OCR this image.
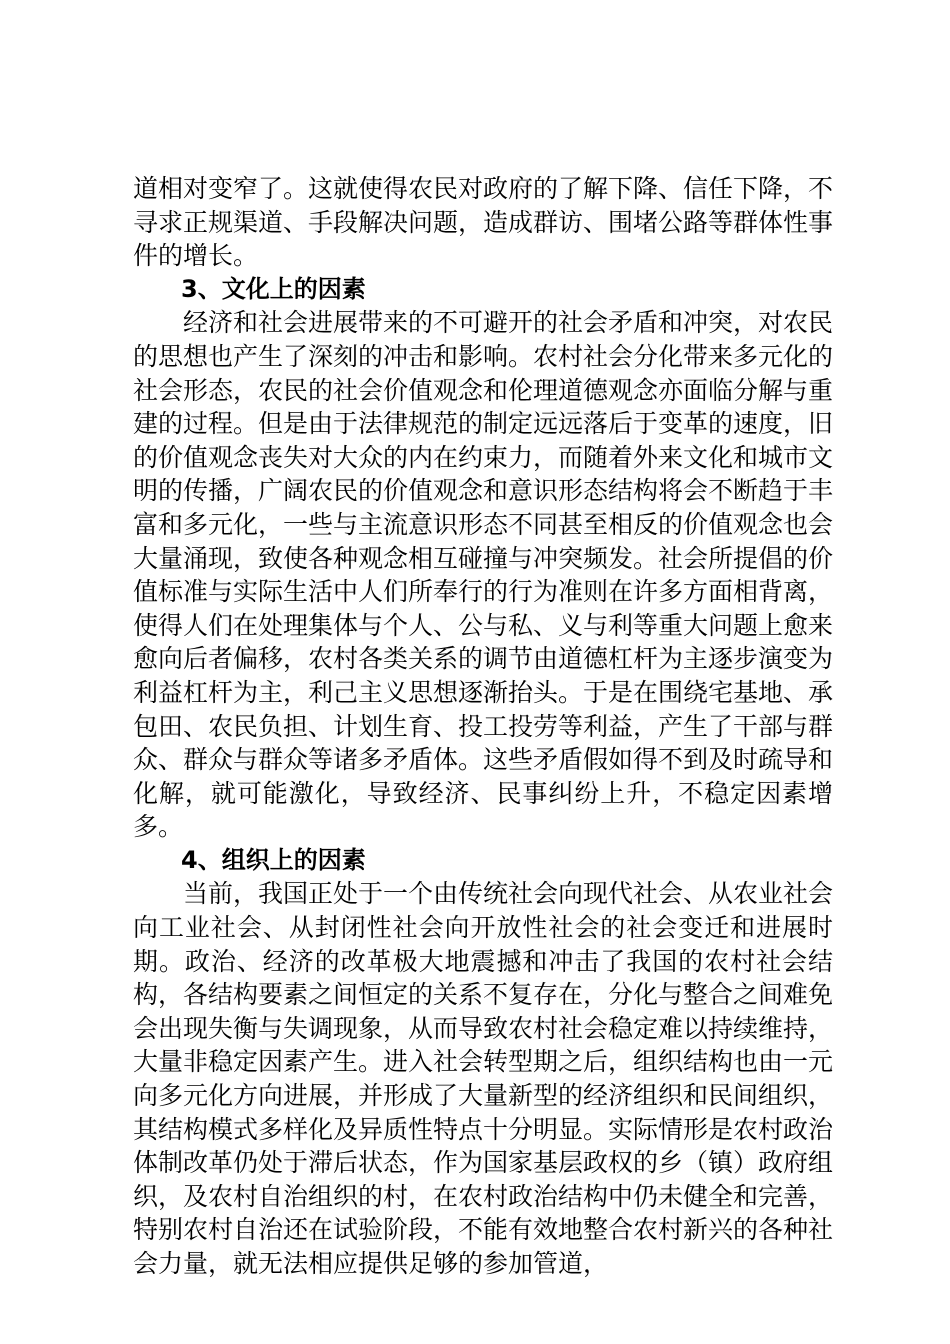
道相对变窄了。这就使得农民对政府的了解下降、信任下降，不寻求正规渠道、手段解决问题，造成群访、围堵公路等群体性事件的增长。

3、文化上的因素

经济和社会进展带来的不可避开的社会矛盾和冲突，对农民的思想也产生了深刻的冲击和影响。农村社会分化带来多元化的社会形态，农民的社会价值观念和伦理道德观念亦面临分解与重建的过程。但是由于法律规范的制定远远落后于变革的速度，旧的价值观念丧失对大众的内在约束力，而随着外来文化和城市文明的传播，广阔农民的价值观念和意识形态结构将会不断趋于丰富和多元化，一些与主流意识形态不同甚至相反的价值观念也会大量涌现，致使各种观念相互碰撞与冲突频发。社会所提倡的价值标准与实际生活中人们所奉行的行为准则在许多方面相背离，使得人们在处理集体与个人、公与私、义与利等重大问题上愈来愈向后者偏移，农村各类关系的调节由道德杠杆为主逐步演变为利益杠杆为主，利己主义思想逐渐抬头。于是在围绕宅基地、承包田、农民负担、计划生育、投工投劳等利益，产生了干部与群众、群众与群众等诸多矛盾体。这些矛盾假如得不到及时疏导和化解，就可能激化，导致经济、民事纠纷上升，不稳定因素增多。

4、组织上的因素

当前，我国正处于一个由传统社会向现代社会、从农业社会向工业社会、从封闭性社会向开放性社会的社会变迁和进展时期。政治、经济的改革极大地震撼和冲击了我国的农村社会结构，各结构要素之间恒定的关系不复存在，分化与整合之间难免会出现失衡与失调现象，从而导致农村社会稳定难以持续维持，大量非稳定因素产生。进入社会转型期之后，组织结构也由一元向多元化方向进展，并形成了大量新型的经济组织和民间组织，其结构模式多样化及异质性特点十分明显。实际情形是农村政治体制改革仍处于滞后状态，作为国家基层政权的乡（镇）政府组织，及农村自治组织的村，在农村政治结构中仍未健全和完善，特别农村自治还在试验阶段，不能有效地整合农村新兴的各种社会力量，就无法相应提供足够的参加管道，
